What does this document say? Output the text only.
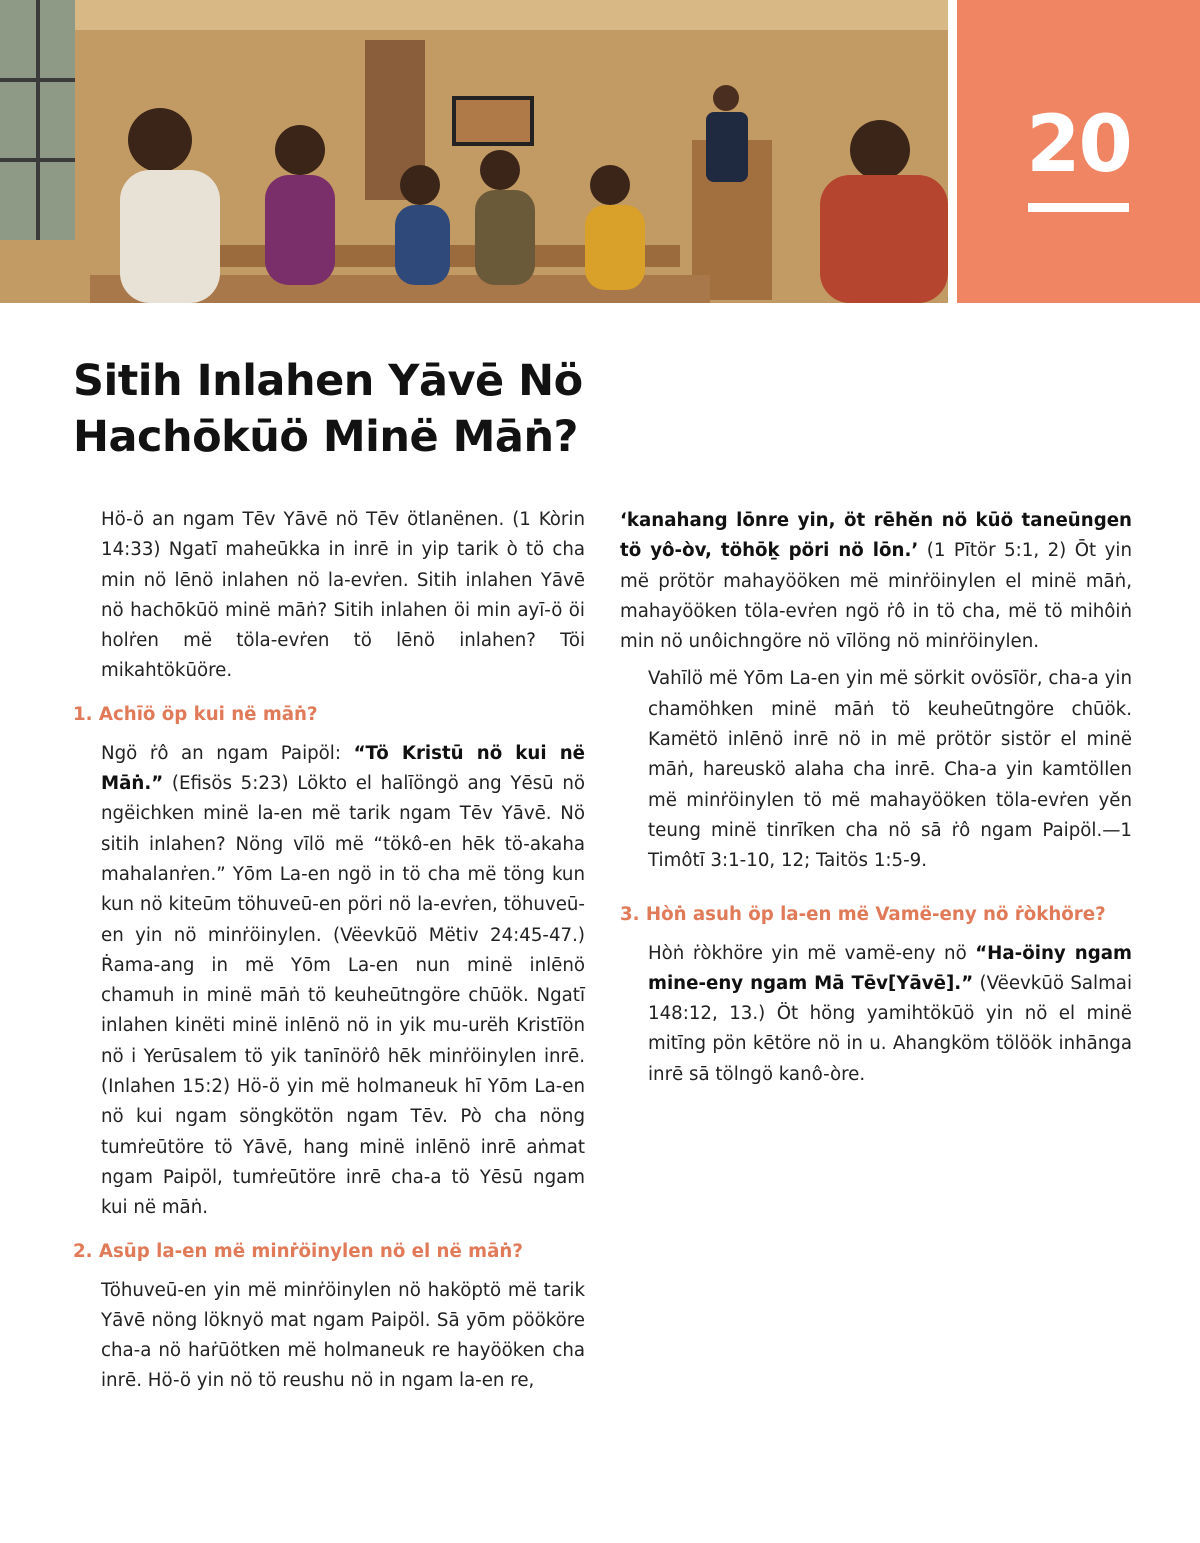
20
Sitih Inlahen Yāvē Nö
Hachōkūö Minë Māṅ?

Hö-ö an ngam Tēv Yāvē nö Tēv ötlanënen. (1 Kòrin 14:33) Ngatī maheūkka in inrē in yip tarik ò tö cha min nö lēnö inlahen nö la-evṙen. Sitih inlahen Yāvē nö hachōkūö minë māṅ? Sitih inlahen öi min ayī-ö öi holṙen më töla-evṙen tö lēnö inlahen? Töi mikahtökūöre.

1. Achīö öp kui në māṅ?

Ngö ṙô an ngam Paipöl: “Tö Kristū nö kui në Māṅ.” (Efisös 5:23) Lökto el halīöngö ang Yēsū nö ngëichken minë la-en më tarik ngam Tēv Yāvē. Nö sitih inlahen? Nöng vīlö më “tökô-en hēk tö-akaha mahalanṙen.” Yōm La-en ngö in tö cha më töng kun kun nö kiteūm töhuveū-en pöri nö la-evṙen, töhuveū-en yin nö minṙöinylen. (Vëevkūö Mëtiv 24:45-47.) Ṙama-ang in më Yōm La-en nun minë inlēnö chamuh in minë māṅ tö keuheūtngöre chūök. Ngatī inlahen kinëti minë inlēnö nö in yik mu-urëh Kristīön nö i Yerūsalem tö yik tanīnöṙô hēk minṙöinylen inrē. (Inlahen 15:2) Hö-ö yin më holmaneuk hī Yōm La-en nö kui ngam söngkötön ngam Tēv. Pò cha nöng tumṙeūtöre tö Yāvē, hang minë inlēnö inrē aṅmat ngam Paipöl, tumṙeūtöre inrē cha-a tö Yēsū ngam kui në māṅ.

2. Asūp la-en më minṙöinylen nö el në māṅ?

Töhuveū-en yin më minṙöinylen nö haköptö më tarik Yāvē nöng löknyö mat ngam Paipöl. Sā yōm pöököre cha-a nö haṙūötken më holmaneuk re hayööken cha inrē. Hö-ö yin nö tö reushu nö in ngam la-en re,

‘kanahang lōnre yin, öt rēhĕn nö kūö taneūngen tö yô-òv, töhōḵ pöri nö lōn.’ (1 Pītör 5:1, 2) Ōt yin më prötör mahayööken më minṙöinylen el minë māṅ, mahayööken töla-evṙen ngö ṙô in tö cha, më tö mihôiṅ min nö unôichngöre nö vīlöng nö minṙöinylen.

Vahīlö më Yōm La-en yin më sörkit ovösīör, cha-a yin chamöhken minë māṅ tö keuheūtngöre chūök. Kamëtö inlēnö inrē nö in më prötör sistör el minë māṅ, hareuskö alaha cha inrē. Cha-a yin kamtöllen më minṙöinylen tö më mahayööken töla-evṙen yĕn teung minë tinrīken cha nö sā ṙô ngam Paipöl.—1 Timôtī 3:1-10, 12; Taitös 1:5-9.

3. Hòṅ asuh öp la-en më Vamë-eny nö ṙòkhöre?

Hòṅ ṙòkhöre yin më vamë-eny nö “Ha-öiny ngam mine-eny ngam Mā Tēv[Yāvē].” (Vëevkūö Salmai 148:12, 13.) Öt höng yamihtökūö yin nö el minë mitīng pön kētöre nö in u. Ahangköm tölöök inhānga inrē sā tölngö kanô-òre.
